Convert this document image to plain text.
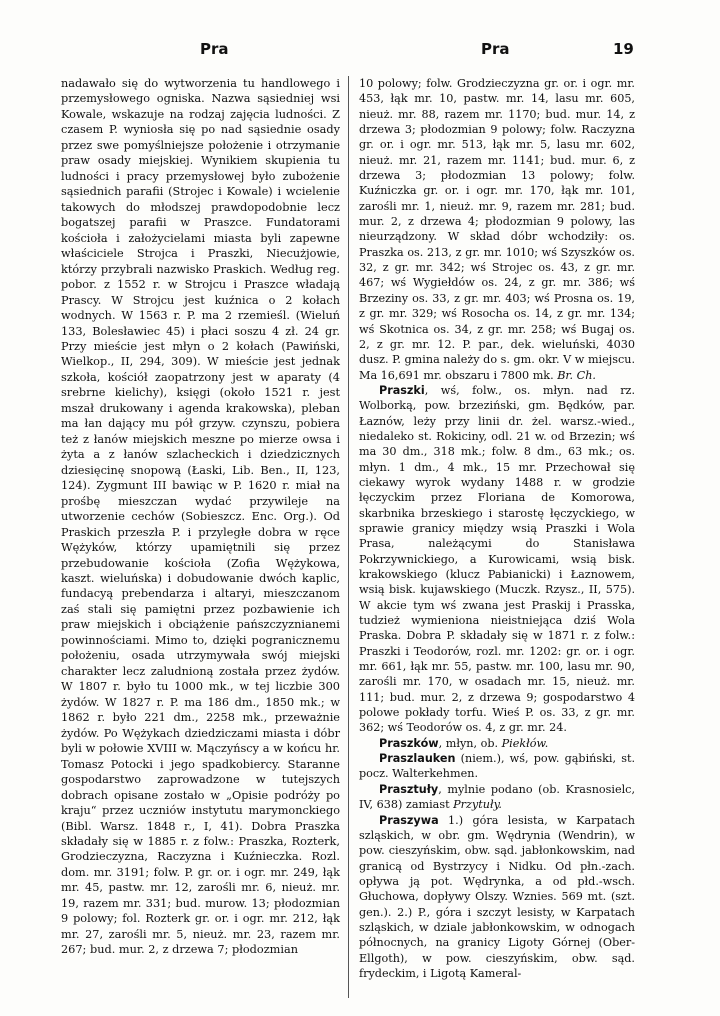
Pra	Pra	19

nadawało się do wytworzenia tu handlowego i przemysłowego ogniska. Nazwa sąsiedniej wsi Kowale, wskazuje na rodzaj zajęcia ludności. Z czasem P. wyniosła się po nad sąsiednie osady przez swe pomyślniejsze położenie i otrzymanie praw osady miejskiej. Wynikiem skupienia tu ludności i pracy przemysłowej było zubożenie sąsiednich parafii (Strojec i Kowale) i wcielenie takowych do młodszej prawdopodobnie lecz bogatszej parafii w Praszce. Fundatorami kościoła i założycielami miasta byli zapewne właściciele Strojca i Praszki, Niecużjowie, którzy przybrali nazwisko Praskich. Według reg. pobor. z 1552 r. w Strojcu i Praszce władają Prascy. W Strojcu jest kuźnica o 2 kołach wodnych. W 1563 r. P. ma 2 rzemieśl. (Wieluń 133, Bolesławiec 45) i płaci soszu 4 zł. 24 gr. Przy mieście jest młyn o 2 kołach (Pawiński, Wielkop., II, 294, 309). W mieście jest jednak szkoła, kościół zaopatrzony jest w aparaty (4 srebrne kielichy), księgi (około 1521 r. jest mszał drukowany i agenda krakowska), pleban ma łan dający mu pół grzyw. czynszu, pobiera też z łanów miejskich meszne po mierze owsa i żyta a z łanów szlacheckich i dziedzicznych dziesięcinę snopową (Łaski, Lib. Ben., II, 123, 124). Zygmunt III bawiąc w P. 1620 r. miał na prośbę mieszczan wydać przywileje na utworzenie cechów (Sobieszcz. Enc. Org.). Od Praskich przeszła P. i przyległe dobra w ręce Wężyków, którzy upamiętnili się przez przebudowanie kościoła (Zofia Wężykowa, kaszt. wieluńska) i dobudowanie dwóch kaplic, fundacyą prebendarza i altaryi, mieszczanom zaś stali się pamiętni przez pozbawienie ich praw miejskich i obciążenie pańszczyznianemi powinnościami. Mimo to, dzięki pogranicznemu położeniu, osada utrzymywała swój miejski charakter lecz zaludnioną została przez żydów. W 1807 r. było tu 1000 mk., w tej liczbie 300 żydów. W 1827 r. P. ma 186 dm., 1850 mk.; w 1862 r. było 221 dm., 2258 mk., przeważnie żydów. Po Wężykach dziedziczami miasta i dóbr byli w połowie XVIII w. Mączyńscy a w końcu hr. Tomasz Potocki i jego spadkobiercy. Staranne gospodarstwo zaprowadzone w tutejszych dobrach opisane zostało w „Opisie podróży po kraju“ przez uczniów instytutu marymonckiego (Bibl. Warsz. 1848 r., I, 41). Dobra Praszka składały się w 1885 r. z folw.: Praszka, Rozterk, Grodzieczyzna, Raczyzna i Kuźnieczka. Rozl. dom. mr. 3191; folw. P. gr. or. i ogr. mr. 249, łąk mr. 45, pastw. mr. 12, zarośli mr. 6, nieuż. mr. 19, razem mr. 331; bud. murow. 13; płodozmian 9 polowy; fol. Rozterk gr. or. i ogr. mr. 212, łąk mr. 27, zarośli mr. 5, nieuż. mr. 23, razem mr. 267; bud. mur. 2, z drzewa 7; płodozmian

10 polowy; folw. Grodzieczyzna gr. or. i ogr. mr. 453, łąk mr. 10, pastw. mr. 14, lasu mr. 605, nieuż. mr. 88, razem mr. 1170; bud. mur. 14, z drzewa 3; płodozmian 9 polowy; folw. Raczyzna gr. or. i ogr. mr. 513, łąk mr. 5, lasu mr. 602, nieuż. mr. 21, razem mr. 1141; bud. mur. 6, z drzewa 3; płodozmian 13 polowy; folw. Kuźniczka gr. or. i ogr. mr. 170, łąk mr. 101, zarośli mr. 1, nieuż. mr. 9, razem mr. 281; bud. mur. 2, z drzewa 4; płodozmian 9 polowy, las nieurządzony. W skład dóbr wchodziły: os. Praszka os. 213, z gr. mr. 1010; wś Szyszków os. 32, z gr. mr. 342; wś Strojec os. 43, z gr. mr. 467; wś Wygiełdów os. 24, z gr. mr. 386; wś Brzeziny os. 33, z gr. mr. 403; wś Prosna os. 19, z gr. mr. 329; wś Rosocha os. 14, z gr. mr. 134; wś Skotnica os. 34, z gr. mr. 258; wś Bugaj os. 2, z gr. mr. 12. P. par., dek. wieluński, 4030 dusz. P. gmina należy do s. gm. okr. V w miejscu. Ma 16,691 mr. obszaru i 7800 mk. Br. Ch.

Praszki, wś, folw., os. młyn. nad rz. Wolborką, pow. brzeziński, gm. Będków, par. Łaznów, leży przy linii dr. żel. warsz.-wied., niedaleko st. Rokiciny, odl. 21 w. od Brzezin; wś ma 30 dm., 318 mk.; folw. 8 dm., 63 mk.; os. młyn. 1 dm., 4 mk., 15 mr. Przechował się ciekawy wyrok wydany 1488 r. w grodzie łęczyckim przez Floriana de Komorowa, skarbnika brzeskiego i starostę łęczyckiego, w sprawie granicy między wsią Praszki i Wola Prasa, należącymi do Stanisława Pokrzywnickiego, a Kurowicami, wsią bisk. krakowskiego (klucz Pabianicki) i Łaznowem, wsią bisk. kujawskiego (Muczk. Rzysz., II, 575). W akcie tym wś zwana jest Praskij i Prasska, tudzież wymieniona nieistniejąca dziś Wola Praska. Dobra P. składały się w 1871 r. z folw.: Praszki i Teodorów, rozl. mr. 1202: gr. or. i ogr. mr. 661, łąk mr. 55, pastw. mr. 100, lasu mr. 90, zarośli mr. 170, w osadach mr. 15, nieuż. mr. 111; bud. mur. 2, z drzewa 9; gospodarstwo 4 polowe pokłady torfu. Wieś P. os. 33, z gr. mr. 362; wś Teodorów os. 4, z gr. mr. 24.

Praszków, młyn, ob. Piekłów.

Praszlauken (niem.), wś, pow. gąbiński, st. pocz. Walterkehmen.

Prasztuły, mylnie podano (ob. Krasnosielc, IV, 638) zamiast Przytuły.

Praszywa 1.) góra lesista, w Karpatach szląskich, w obr. gm. Wędrynia (Wendrin), w pow. cieszyńskim, obw. sąd. jabłonkowskim, nad granicą od Bystrzycy i Nidku. Od płn.-zach. opływa ją pot. Wędrynka, a od płd.-wsch. Głuchowa, dopływy Olszy. Wznies. 569 mt. (szt. gen.). 2.) P., góra i szczyt lesisty, w Karpatach szląskich, w dziale jabłonkowskim, w odnogach północnych, na granicy Ligoty Górnej (Ober-Ellgoth), w pow. cieszyńskim, obw. sąd. frydeckim, i Ligotą Kameral-
